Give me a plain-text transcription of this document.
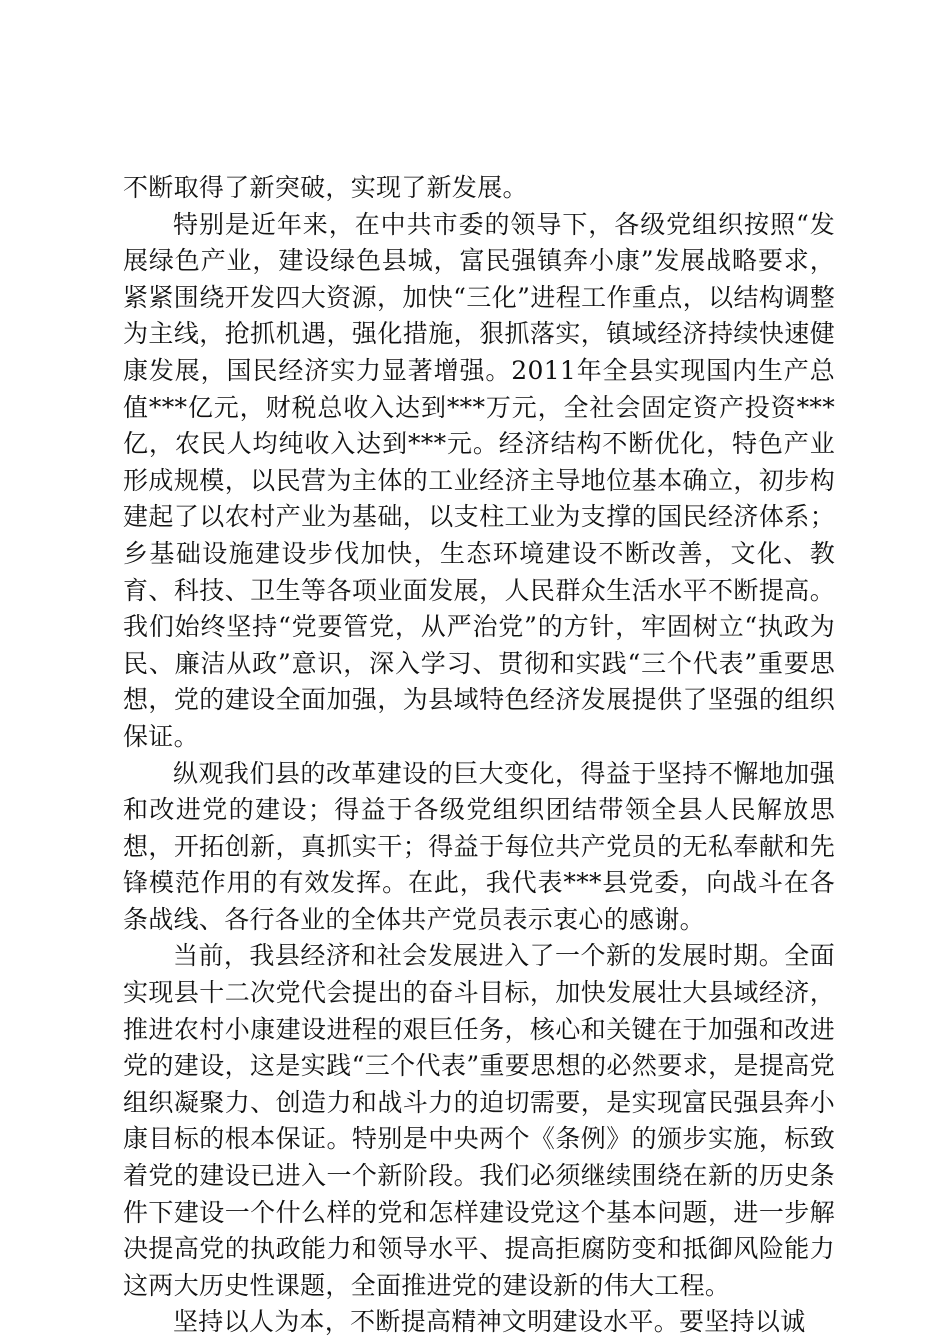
不断取得了新突破，实现了新发展。

特别是近年来，在中共市委的领导下，各级党组织按照“发展绿色产业，建设绿色县城，富民强镇奔小康”发展战略要求，紧紧围绕开发四大资源，加快“三化”进程工作重点，以结构调整为主线，抢抓机遇，强化措施，狠抓落实，镇域经济持续快速健康发展，国民经济实力显著增强。2011年全县实现国内生产总值***亿元，财税总收入达到***万元，全社会固定资产投资***亿，农民人均纯收入达到***元。经济结构不断优化，特色产业形成规模，以民营为主体的工业经济主导地位基本确立，初步构建起了以农村产业为基础，以支柱工业为支撑的国民经济体系；乡基础设施建设步伐加快，生态环境建设不断改善，文化、教育、科技、卫生等各项业面发展，人民群众生活水平不断提高。我们始终坚持“党要管党，从严治党”的方针，牢固树立“执政为民、廉洁从政”意识，深入学习、贯彻和实践“三个代表”重要思想，党的建设全面加强，为县域特色经济发展提供了坚强的组织保证。

纵观我们县的改革建设的巨大变化，得益于坚持不懈地加强和改进党的建设；得益于各级党组织团结带领全县人民解放思想，开拓创新，真抓实干；得益于每位共产党员的无私奉献和先锋模范作用的有效发挥。在此，我代表***县党委，向战斗在各条战线、各行各业的全体共产党员表示衷心的感谢。

当前，我县经济和社会发展进入了一个新的发展时期。全面实现县十二次党代会提出的奋斗目标，加快发展壮大县域经济，推进农村小康建设进程的艰巨任务，核心和关键在于加强和改进党的建设，这是实践“三个代表”重要思想的必然要求，是提高党组织凝聚力、创造力和战斗力的迫切需要，是实现富民强县奔小康目标的根本保证。特别是中央两个《条例》的颁步实施，标致着党的建设已进入一个新阶段。我们必须继续围绕在新的历史条件下建设一个什么样的党和怎样建设党这个基本问题，进一步解决提高党的执政能力和领导水平、提高拒腐防变和抵御风险能力这两大历史性课题，全面推进党的建设新的伟大工程。

坚持以人为本，不断提高精神文明建设水平。要坚持以诚
